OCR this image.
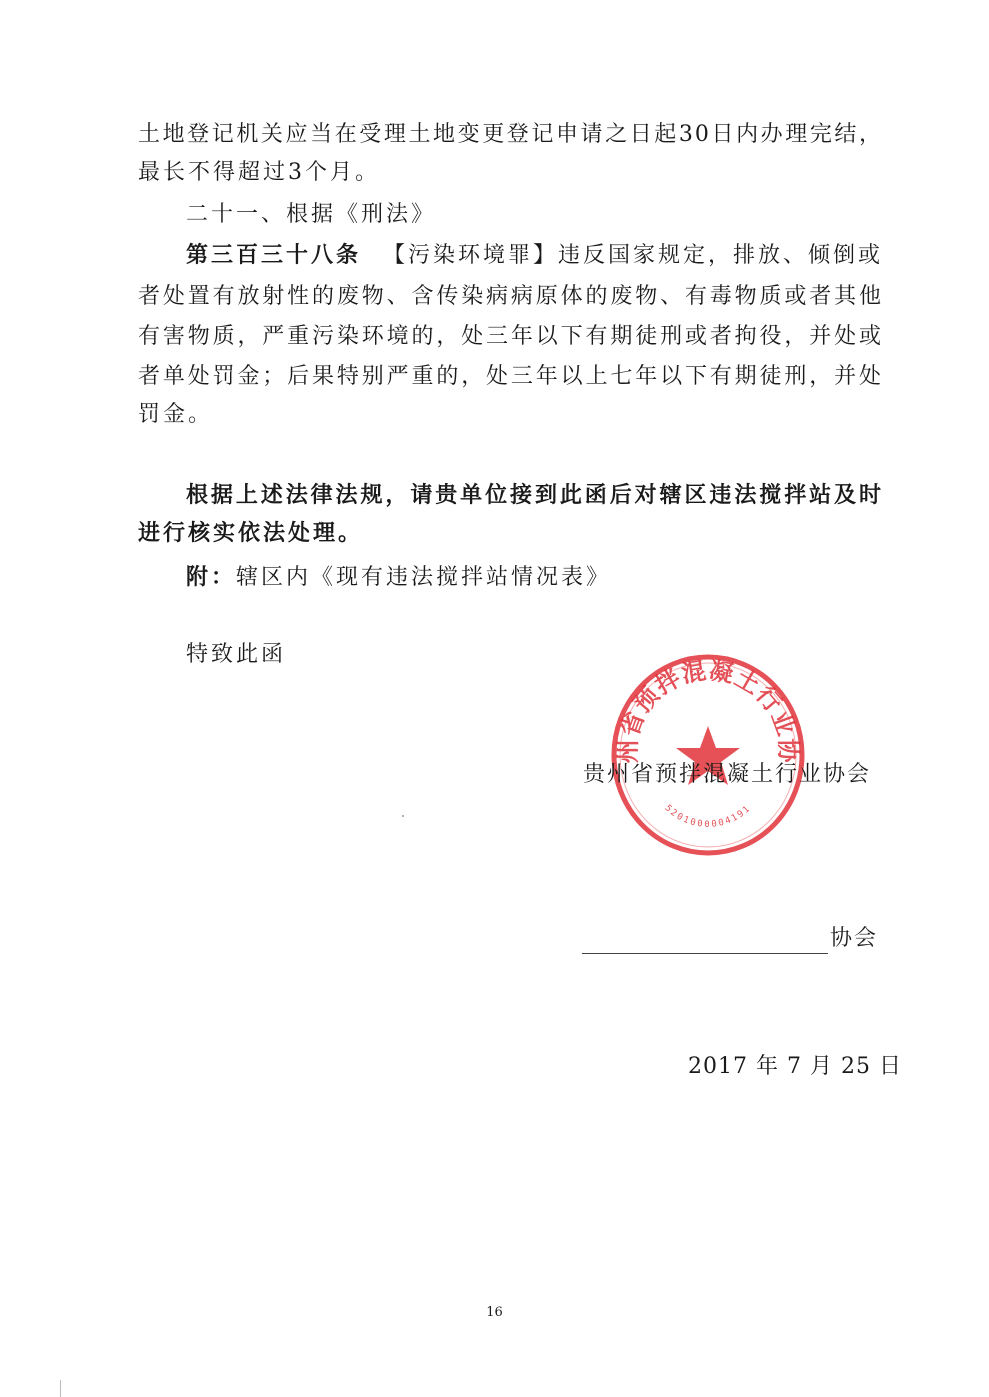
土地登记机关应当在受理土地变更登记申请之日起30日内办理完结，
最长不得超过3个月。
二十一、根据《刑法》
第三百三十八条 【污染环境罪】违反国家规定，排放、倾倒或
者处置有放射性的废物、含传染病病原体的废物、有毒物质或者其他
有害物质，严重污染环境的，处三年以下有期徒刑或者拘役，并处或
者单处罚金；后果特别严重的，处三年以上七年以下有期徒刑，并处
罚金。
根据上述法律法规，请贵单位接到此函后对辖区违法搅拌站及时
进行核实依法处理。
附：辖区内《现有违法搅拌站情况表》
特致此函
州省预拌混凝土行业协
5201000004191
贵州省预拌混凝土行业协会
协会
2017 年 7 月 25 日
16
